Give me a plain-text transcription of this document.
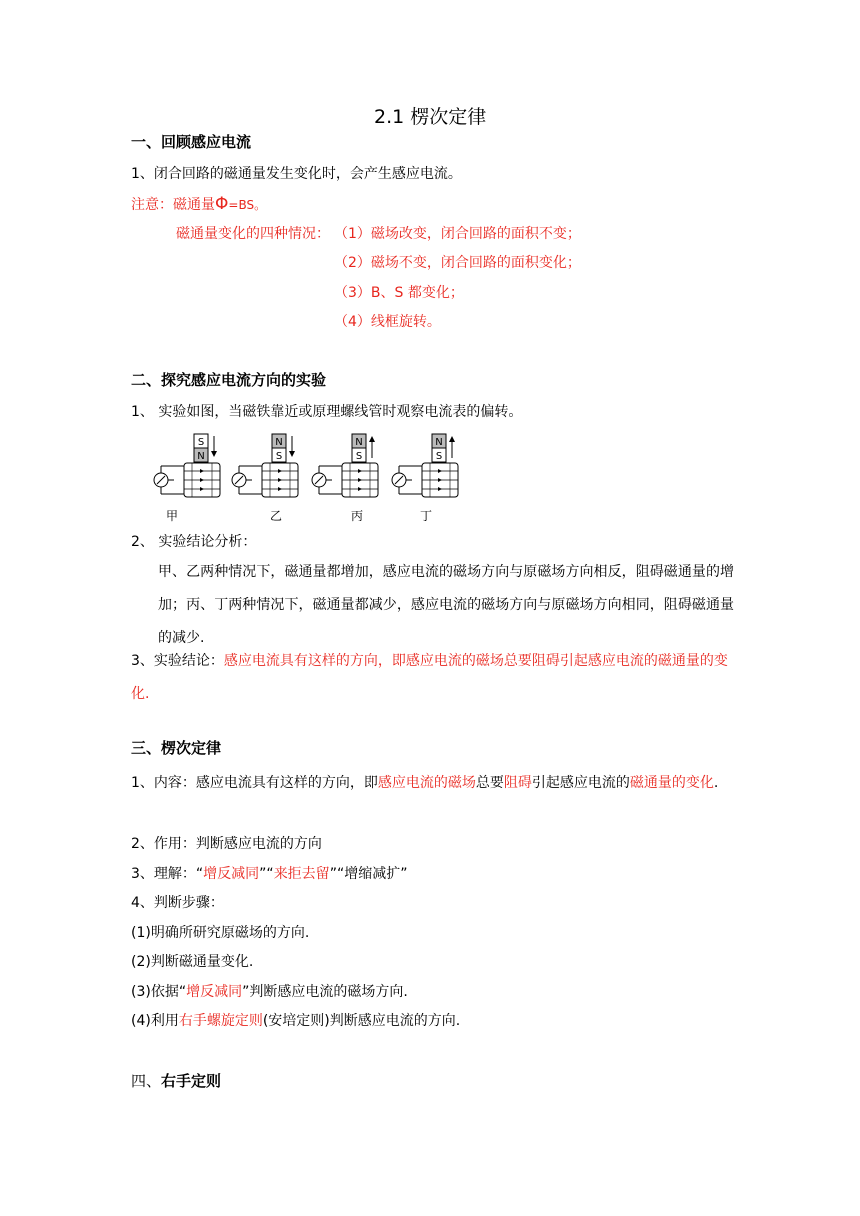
2.1 楞次定律
一、回顾感应电流
1、闭合回路的磁通量发生变化时，会产生感应电流。
注意：磁通量Φ=BS。
磁通量变化的四种情况： （1）磁场改变，闭合回路的面积不变；
（2）磁场不变，闭合回路的面积变化；
（3）B、S 都变化；
（4）线框旋转。
二、探究感应电流方向的实验
1、 实验如图，当磁铁靠近或原理螺线管时观察电流表的偏转。
S
N
N
S
N
S
N
S
甲	乙	丙	丁
2、 实验结论分析：
甲、乙两种情况下，磁通量都增加，感应电流的磁场方向与原磁场方向相反，阻碍磁通量的增加；丙、丁两种情况下，磁通量都减少，感应电流的磁场方向与原磁场方向相同，阻碍磁通量的减少.
3、实验结论：感应电流具有这样的方向，即感应电流的磁场总要阻碍引起感应电流的磁通量的变化.
三、楞次定律
1、内容：感应电流具有这样的方向，即感应电流的磁场总要阻碍引起感应电流的磁通量的变化.
2、作用：判断感应电流的方向
3、理解：“增反减同”“来拒去留”“增缩减扩”
4、判断步骤：
(1)明确所研究原磁场的方向.
(2)判断磁通量变化.
(3)依据“增反减同”判断感应电流的磁场方向.
(4)利用右手螺旋定则(安培定则)判断感应电流的方向.
四、右手定则
